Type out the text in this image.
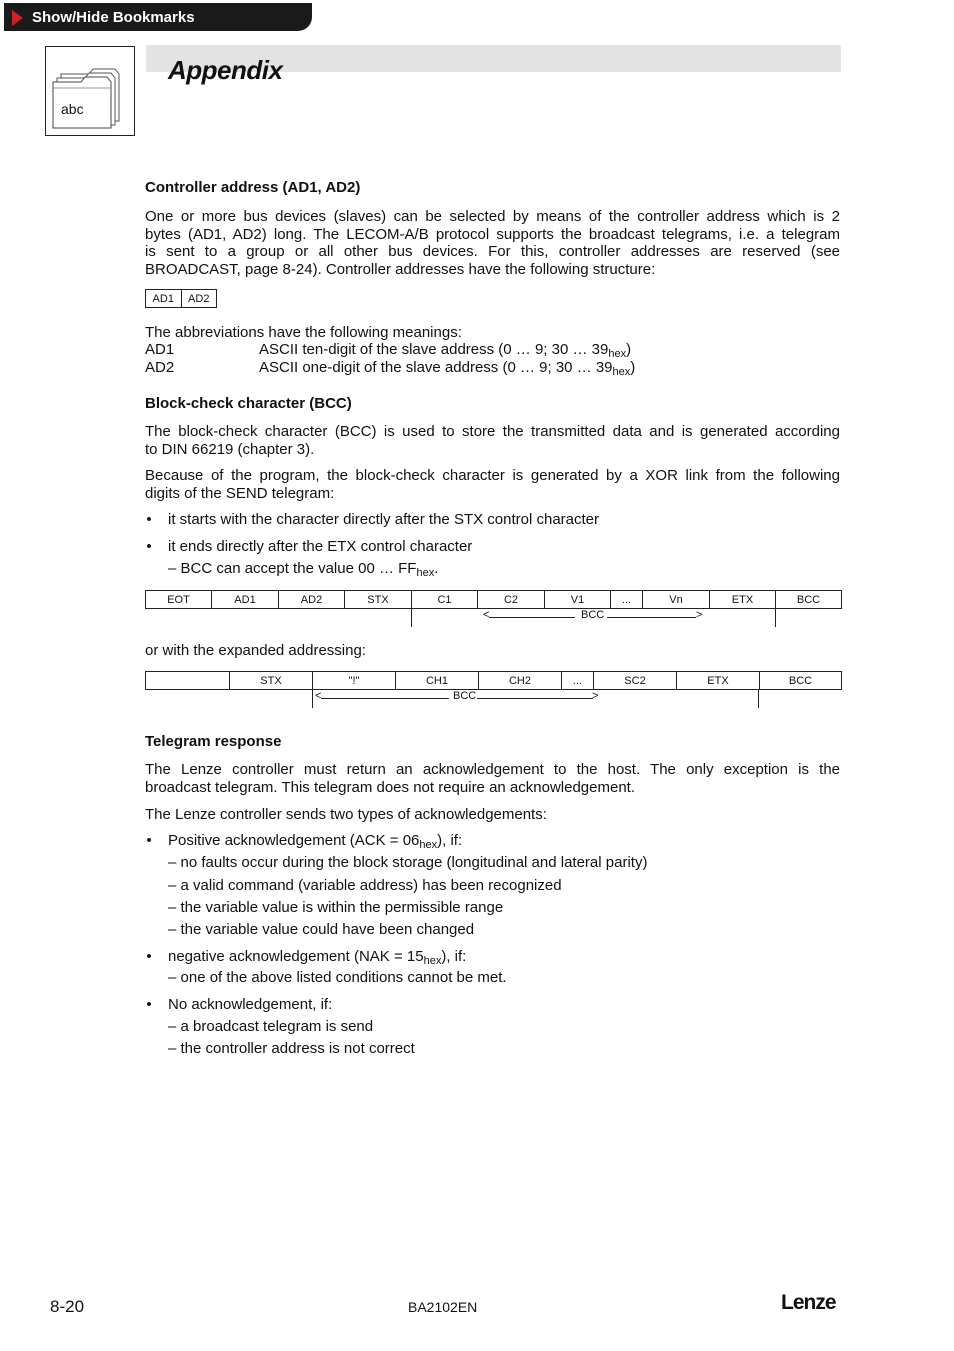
Show/Hide Bookmarks
abc
Appendix
Controller address (AD1, AD2)
One or more bus devices (slaves) can be selected by means of the controller address which is 2
bytes (AD1, AD2) long. The LECOM-A/B protocol supports the broadcast telegrams, i.e. a telegram
is sent to a group or all other bus devices. For this, controller addresses are reserved (see
BROADCAST, page 8-24). Controller addresses have the following structure:
AD1	AD2
The abbreviations have the following meanings:
AD1	ASCII ten-digit of the slave address (0 … 9; 30 … $39_{hex}$)
AD2	ASCII one-digit of the slave address (0 … 9; 30 … $39_{hex}$)
Block-check character (BCC)
The block-check character (BCC) is used to store the transmitted data and is generated according
to DIN 66219 (chapter 3).
Because of the program, the block-check character is generated by a XOR link from the following
digits of the SEND telegram:
• it starts with the character directly after the STX control character
• it ends directly after the ETX control character
– BCC can accept the value 00 … $FF_{hex}$.
EOT	AD1	AD2	STX	C1	C2	V1	...	Vn	ETX	BCC
<	BCC	>
or with the expanded addressing:
	STX	"!"	CH1	CH2	...	SC2	ETX	BCC
<	BCC	>
Telegram response
The Lenze controller must return an acknowledgement to the host. The only exception is the
broadcast telegram. This telegram does not require an acknowledgement.
The Lenze controller sends two types of acknowledgements:
• Positive acknowledgement $(ACK = 06_{hex})$, if:
– no faults occur during the block storage (longitudinal and lateral parity)
– a valid command (variable address) has been recognized
– the variable value is within the permissible range
– the variable value could have been changed
• negative acknowledgement $(NAK = 15_{hex})$, if:
– one of the above listed conditions cannot be met.
• No acknowledgement, if:
– a broadcast telegram is send
– the controller address is not correct
8-20	BA2102EN	Lenze
